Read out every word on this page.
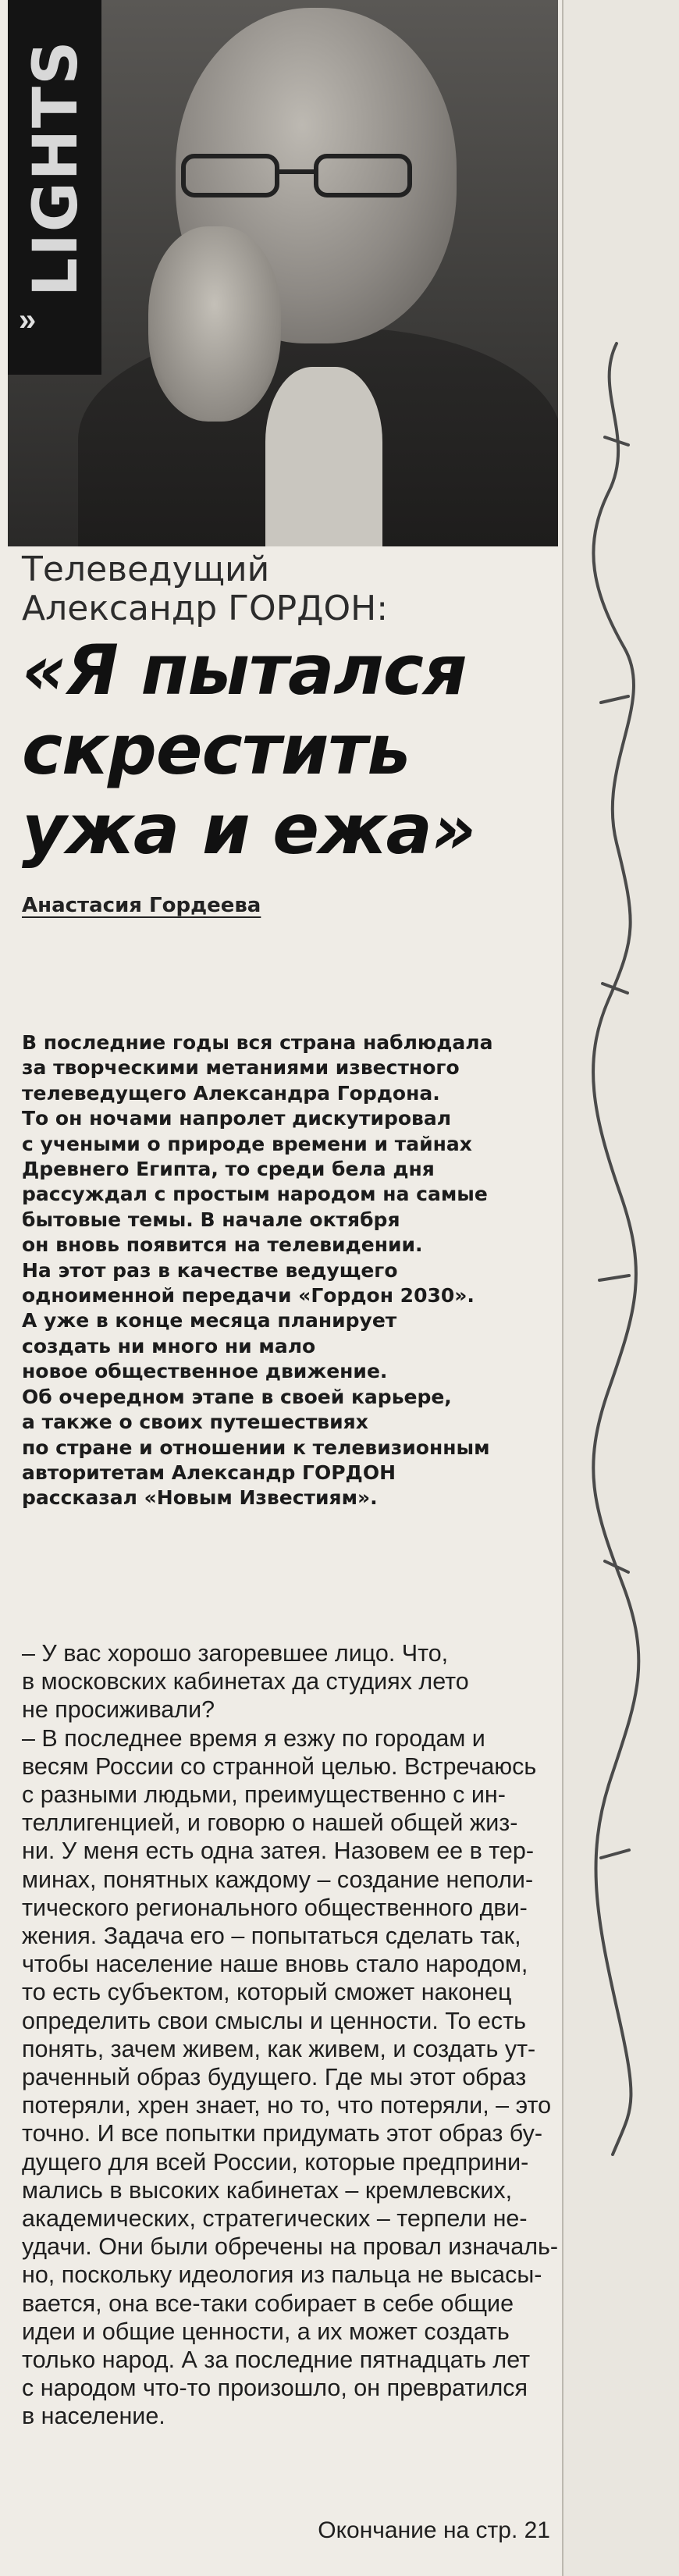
LIGHTS
»

Телеведущий

Александр ГОРДОН:

«Я пытался

скрестить

ужа и ежа»

Анастасия Гордеева

В последние годы вся страна наблюдала
за творческими метаниями известного
телеведущего Александра Гордона.
То он ночами напролет дискутировал
с учеными о природе времени и тайнах
Древнего Египта, то среди бела дня
рассуждал с простым народом на самые
бытовые темы. В начале октября
он вновь появится на телевидении.
На этот раз в качестве ведущего
одноименной передачи «Гордон 2030».
А уже в конце месяца планирует
создать ни много ни мало
новое общественное движение.
Об очередном этапе в своей карьере,
а также о своих путешествиях
по стране и отношении к телевизионным
авторитетам Александр ГОРДОН
рассказал «Новым Известиям».
– У вас хорошо загоревшее лицо. Что,
в московских кабинетах да студиях лето
не просиживали?
– В последнее время я езжу по городам и
весям России со странной целью. Встречаюсь
с разными людьми, преимущественно с ин-
теллигенцией, и говорю о нашей общей жиз-
ни. У меня есть одна затея. Назовем ее в тер-
минах, понятных каждому – создание неполи-
тического регионального общественного дви-
жения. Задача его – попытаться сделать так,
чтобы население наше вновь стало народом,
то есть субъектом, который сможет наконец
определить свои смыслы и ценности. То есть
понять, зачем живем, как живем, и создать ут-
раченный образ будущего. Где мы этот образ
потеряли, хрен знает, но то, что потеряли, – это
точно. И все попытки придумать этот образ бу-
дущего для всей России, которые предприни-
мались в высоких кабинетах – кремлевских,
академических, стратегических – терпели не-
удачи. Они были обречены на провал изначаль-
но, поскольку идеология из пальца не высасы-
вается, она все-таки собирает в себе общие
идеи и общие ценности, а их может создать
только народ. А за последние пятнадцать лет
с народом что-то произошло, он превратился
в население.
Окончание на стр. 21
